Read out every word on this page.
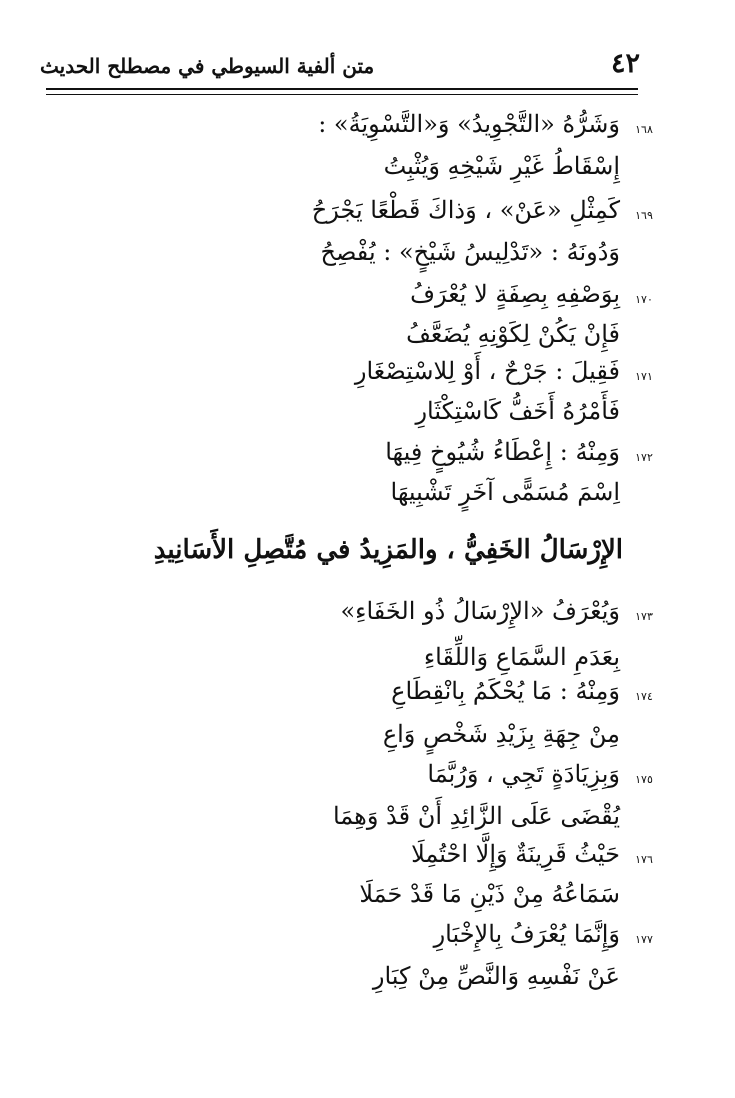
٤٢
متن ألفية السيوطي في مصطلح الحديث
١٦٨
وَشَرُّهُ «التَّجْوِيدُ» وَ«التَّسْوِيَةُ» :
إِسْقَاطُ غَيْرِ شَيْخِهِ وَيُثْبِتُ
١٦٩
كَمِثْلِ «عَنْ» ، وَذاكَ قَطْعًا يَجْرَحُ
وَدُونَهُ : «تَدْلِيسُ شَيْخٍ» : يُفْصِحُ
١٧٠
بِوَصْفِهِ بِصِفَةٍ لا يُعْرَفُ
فَإِنْ يَكُنْ لِكَوْنِهِ يُضَعَّفُ
١٧١
فَقِيلَ : جَرْحٌ ، أَوْ لِلاسْتِصْغَارِ
فَأَمْرُهُ أَخَفُّ كَاسْتِكْثَارِ
١٧٢
وَمِنْهُ : إِعْطَاءُ شُيُوخٍ فِيهَا
اِسْمَ مُسَمًّى آخَرٍ تَشْبِيهَا
الإِرْسَالُ الخَفِيُّ ، والمَزِيدُ في مُتَّصِلِ الأَسَانِيدِ
١٧٣
وَيُعْرَفُ «الإِرْسَالُ ذُو الخَفَاءِ»
بِعَدَمِ السَّمَاعِ وَاللِّقَاءِ
١٧٤
وَمِنْهُ : مَا يُحْكَمُ بِانْقِطَاعِ
مِنْ جِهَةِ بِزَيْدِ شَخْصٍ وَاعِ
١٧٥
وَبِزِيَادَةٍ تَجِي ، وَرُبَّمَا
يُقْضَى عَلَى الزَّائِدِ أَنْ قَدْ وَهِمَا
١٧٦
حَيْثُ قَرِينَةٌ وَإِلَّا احْتُمِلَا
سَمَاعُهُ مِنْ ذَيْنِ مَا قَدْ حَمَلَا
١٧٧
وَإِنَّمَا يُعْرَفُ بِالإِخْبَارِ
عَنْ نَفْسِهِ وَالنَّصِّ مِنْ كِبَارِ
